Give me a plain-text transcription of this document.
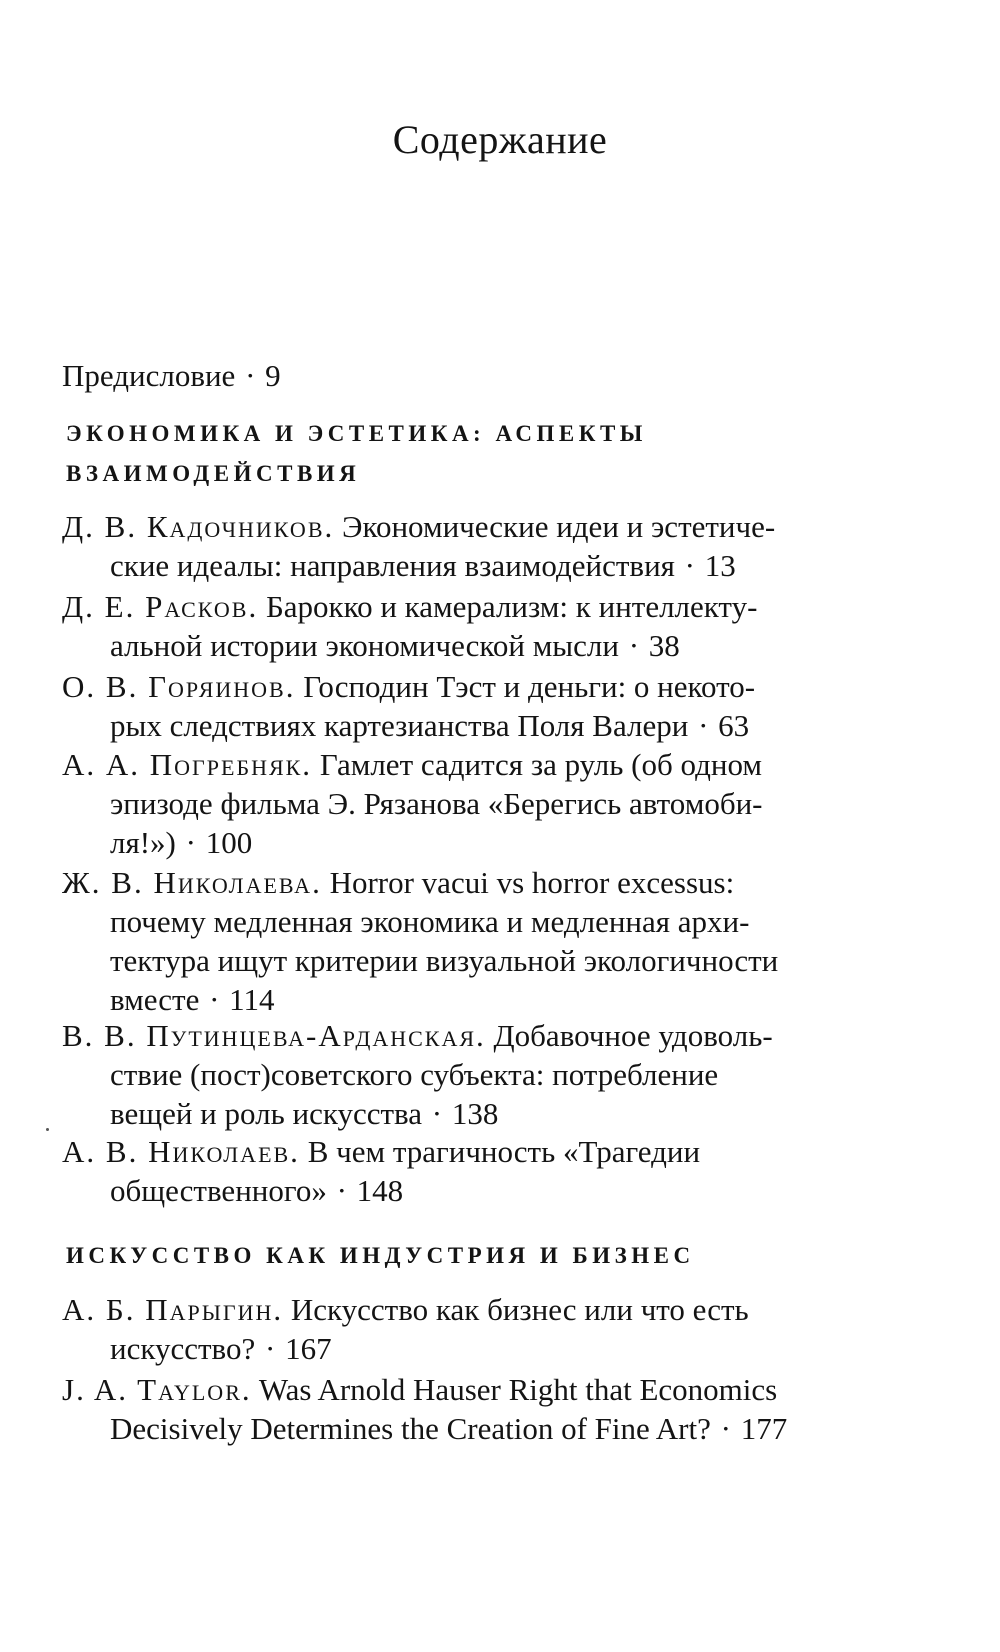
Содержание
Предисловие · 9
ЭКОНОМИКА И ЭСТЕТИКА: АСПЕКТЫ
ВЗАИМОДЕЙСТВИЯ
Д. В. Кадочников. Экономические идеи и эстетиче-
ские идеалы: направления взаимодействия · 13
Д. Е. Расков. Барокко и камерализм: к интеллекту-
альной истории экономической мысли · 38
О. В. Горяинов. Господин Тэст и деньги: о некото-
рых следствиях картезианства Поля Валери · 63
А. А. Погребняк. Гамлет садится за руль (об одном
эпизоде фильма Э. Рязанова «Берегись автомоби-
ля!») · 100
Ж. В. Николаева. Horror vacui vs horror excessus:
почему медленная экономика и медленная архи-
тектура ищут критерии визуальной экологичности
вместе · 114
В. В. Путинцева-Арданская. Добавочное удоволь-
ствие (пост)советского субъекта: потребление
вещей и роль искусства · 138
А. В. Николаев. В чем трагичность «Трагедии
общественного» · 148
ИСКУССТВО КАК ИНДУСТРИЯ И БИЗНЕС
А. Б. Парыгин. Искусство как бизнес или что есть
искусство? · 167
J. A. Taylor. Was Arnold Hauser Right that Economics
Decisively Determines the Creation of Fine Art? · 177
